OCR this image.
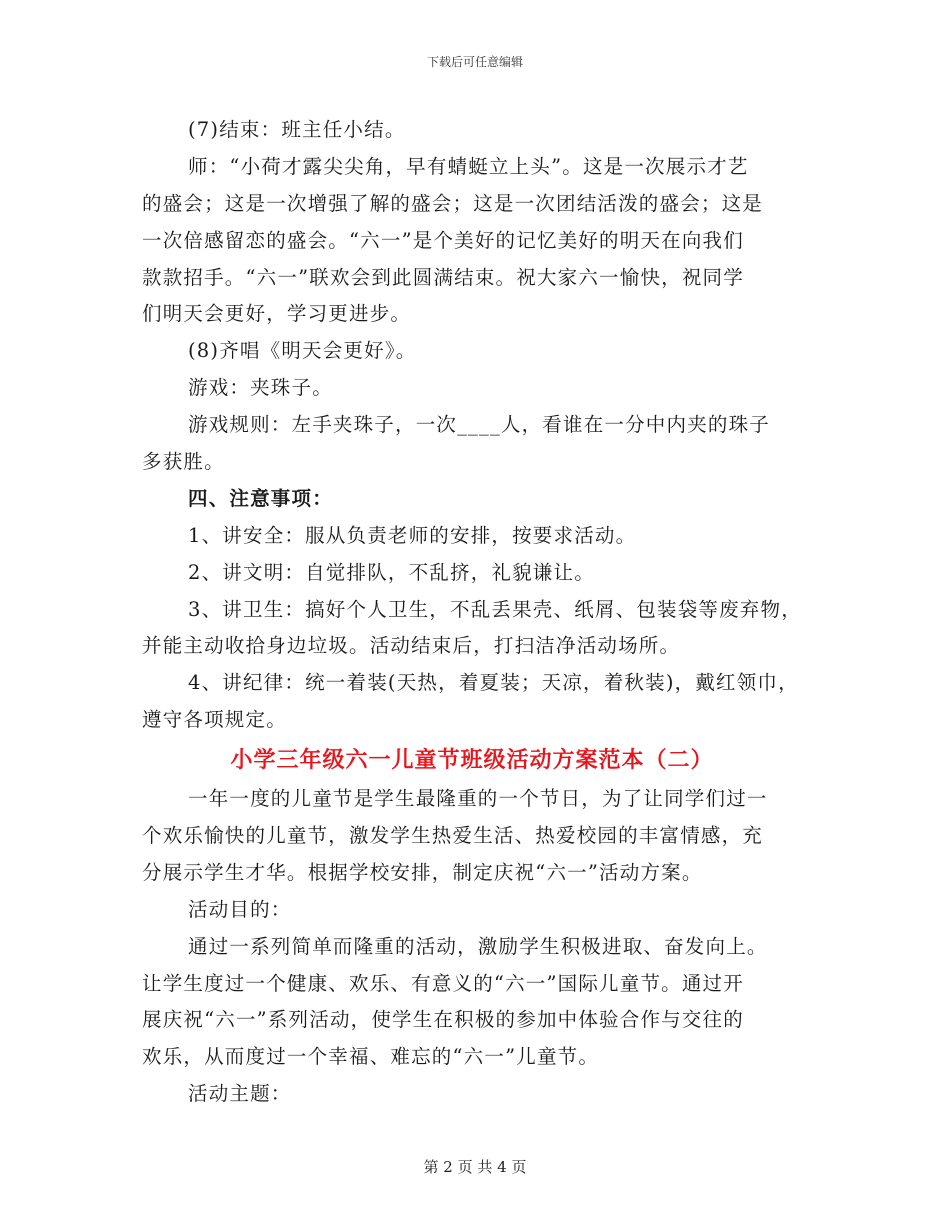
下载后可任意编辑
(7)结束：班主任小结。
师：“小荷才露尖尖角，早有蜻蜓立上头”。这是一次展示才艺
的盛会；这是一次增强了解的盛会；这是一次团结活泼的盛会；这是
一次倍感留恋的盛会。“六一”是个美好的记忆美好的明天在向我们
款款招手。“六一”联欢会到此圆满结束。祝大家六一愉快，祝同学
们明天会更好，学习更进步。
(8)齐唱《明天会更好》。
游戏：夹珠子。
游戏规则：左手夹珠子，一次____人，看谁在一分中内夹的珠子
多获胜。
四、注意事项：
1、讲安全：服从负责老师的安排，按要求活动。
2、讲文明：自觉排队，不乱挤，礼貌谦让。
3、讲卫生：搞好个人卫生，不乱丢果壳、纸屑、包装袋等废弃物，
并能主动收拾身边垃圾。活动结束后，打扫洁净活动场所。
4、讲纪律：统一着装(天热，着夏装；天凉，着秋装)，戴红领巾，
遵守各项规定。
小学三年级六一儿童节班级活动方案范本（二）
一年一度的儿童节是学生最隆重的一个节日，为了让同学们过一
个欢乐愉快的儿童节，激发学生热爱生活、热爱校园的丰富情感，充
分展示学生才华。根据学校安排，制定庆祝“六一”活动方案。
活动目的：
通过一系列简单而隆重的活动，激励学生积极进取、奋发向上。
让学生度过一个健康、欢乐、有意义的“六一”国际儿童节。通过开
展庆祝“六一”系列活动，使学生在积极的参加中体验合作与交往的
欢乐，从而度过一个幸福、难忘的“六一”儿童节。
活动主题：
第 2 页 共 4 页
